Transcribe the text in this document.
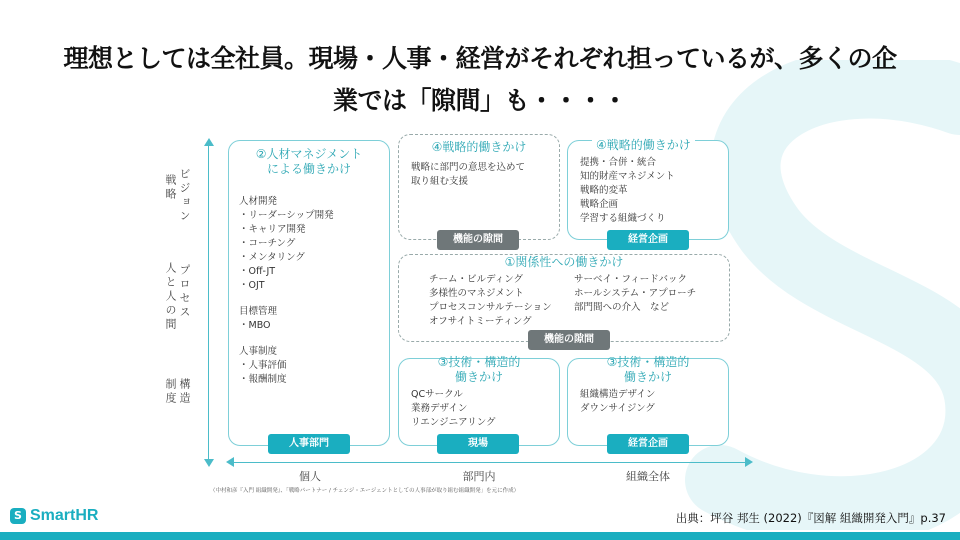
理想としては全社員。現場・人事・経営がそれぞれ担っているが、多くの企
業では「隙間」も・・・・
ビジョン
戦略
プロセス
人と人の間
構造
制度
②人材マネジメント
による働きかけ
人材開発
・リーダーシップ開発
・キャリア開発
・コーチング
・メンタリング
・Off-JT
・OJT
目標管理
・MBO
人事制度
・人事評価
・報酬制度
人事部門
④戦略的働きかけ
戦略に部門の意思を込めて
取り組む支援
機能の隙間
④戦略的働きかけ
提携・合併・統合
知的財産マネジメント
戦略的変革
戦略企画
学習する組織づくり
経営企画
①関係性への働きかけ
チーム・ビルディング
多様性のマネジメント
プロセスコンサルテーション
オフサイトミーティング
サーベイ・フィードバック
ホールシステム・アプローチ
部門間への介入　など
機能の隙間
③技術・構造的
働きかけ
QCサークル
業務デザイン
リエンジニアリング
現場
③技術・構造的
働きかけ
組織構造デザイン
ダウンサイジング
経営企画
個人	部門内	組織全体
（中村和彦『入門 組織開発』、「戦略パートナー / チェンジ・エージェントとしての人事部が取り組む組織開発」を元に作成）
S SmartHR	出典：坪谷 邦生 (2022)『図解 組織開発入門』p.37
